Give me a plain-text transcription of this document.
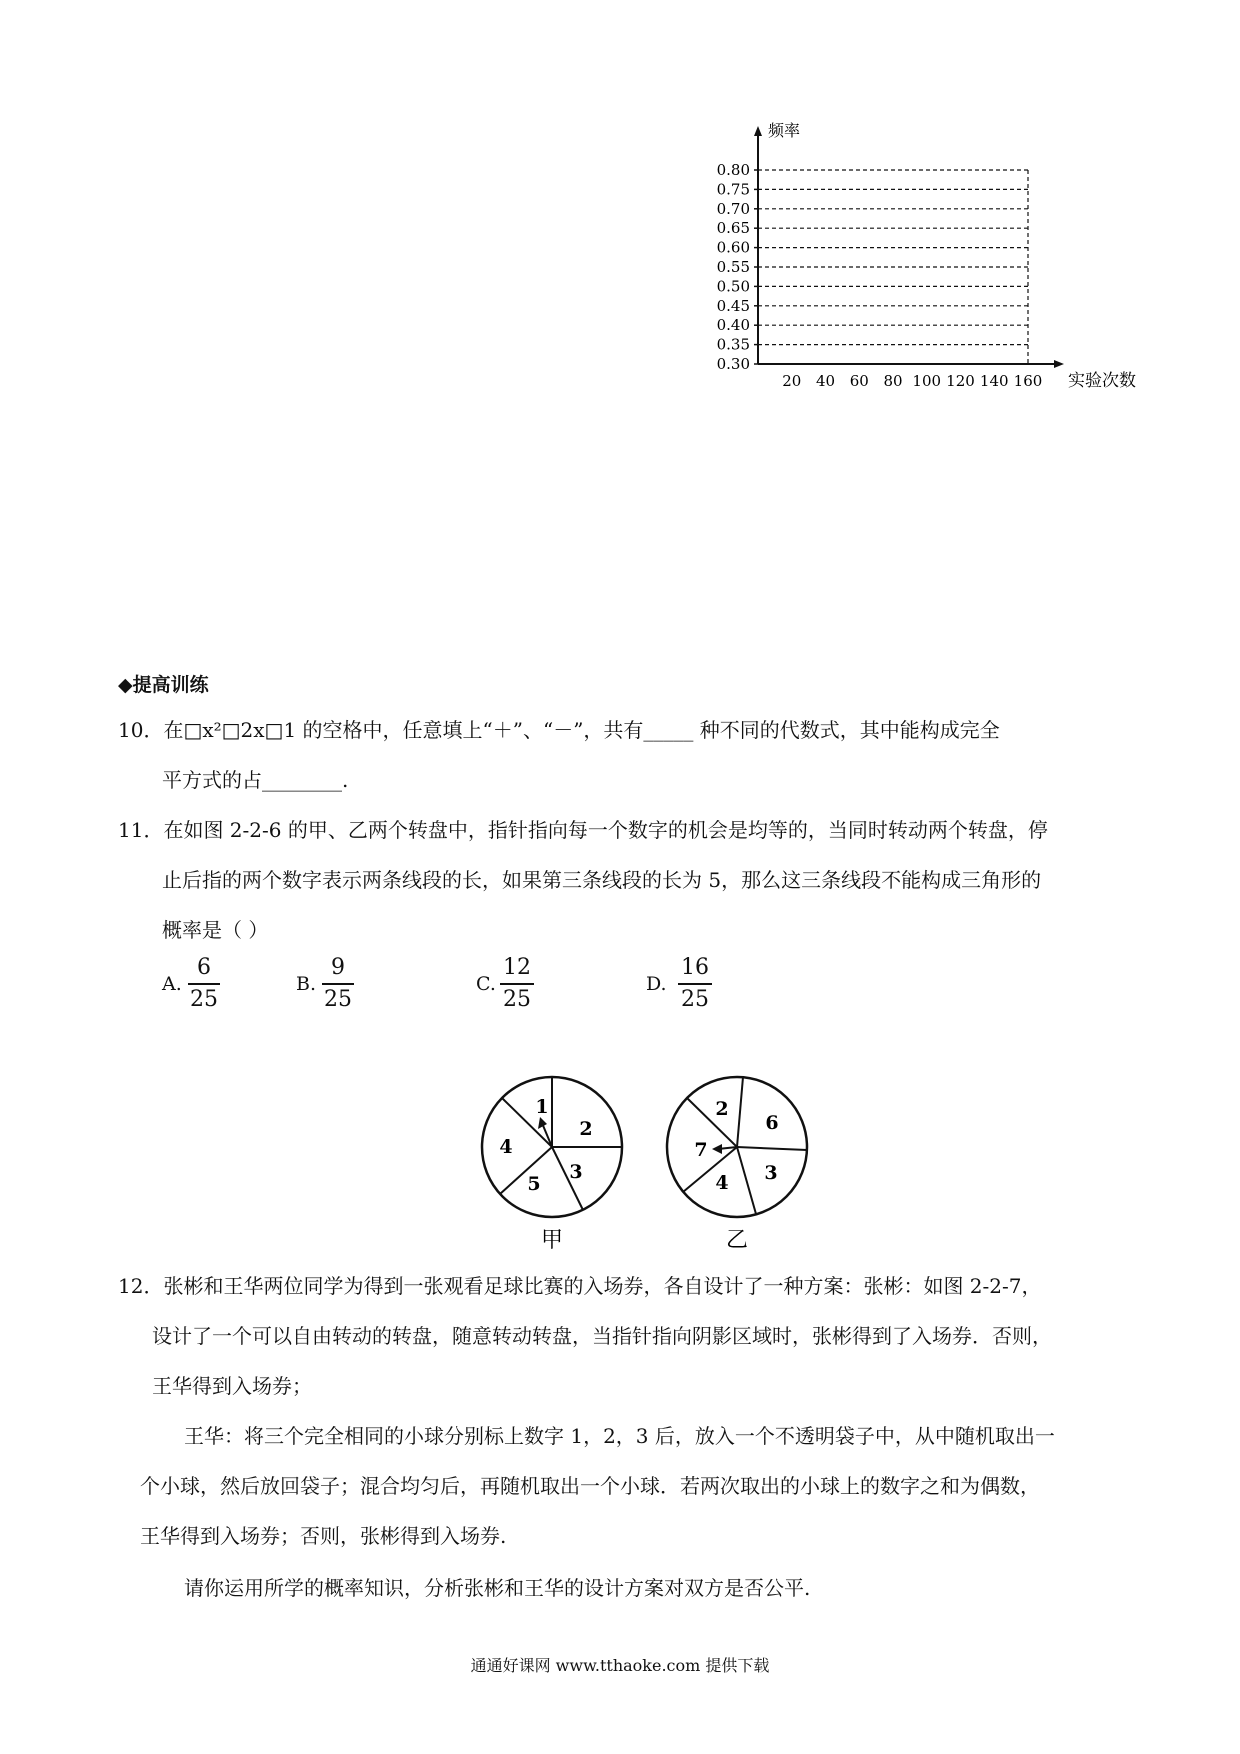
频率
实验次数
0.80
0.75
0.70
0.65
0.60
0.55
0.50
0.45
0.40
0.35
0.30
20 40 60 80 100 120 140 160
◆提高训练
10．在□x²□2x□1 的空格中，任意填上“＋”、“－”，共有_____ 种不同的代数式，其中能构成完全
平方式的占________.
11．在如图 2-2-6 的甲、乙两个转盘中，指针指向每一个数字的机会是均等的，当同时转动两个转盘，停
止后指的两个数字表示两条线段的长，如果第三条线段的长为 5，那么这三条线段不能构成三角形的
概率是（ ）
A.
6
25
B.
9
25
C.
12
25
D.
16
25
1
2
3
5
4
甲
2
6
3
4
7
乙
12．张彬和王华两位同学为得到一张观看足球比赛的入场券，各自设计了一种方案：张彬：如图 2-2-7，
设计了一个可以自由转动的转盘，随意转动转盘，当指针指向阴影区域时，张彬得到了入场券．否则，
王华得到入场券；
王华：将三个完全相同的小球分别标上数字 1，2，3 后，放入一个不透明袋子中，从中随机取出一
个小球，然后放回袋子；混合均匀后，再随机取出一个小球．若两次取出的小球上的数字之和为偶数，
王华得到入场券；否则，张彬得到入场券.
请你运用所学的概率知识，分析张彬和王华的设计方案对双方是否公平.
通通好课网 www.tthaoke.com 提供下载
